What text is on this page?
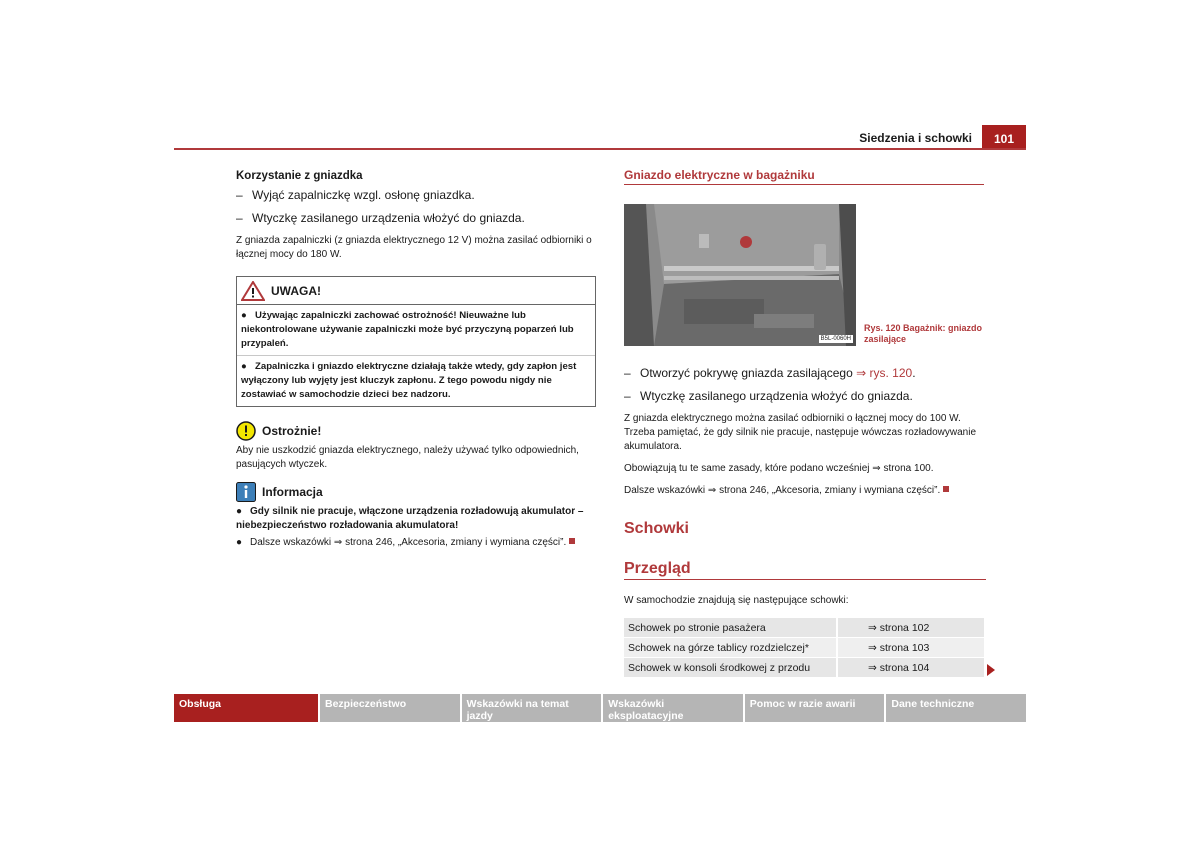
Siedzenia i schowki	101
Korzystanie z gniazdka
– Wyjąć zapalniczkę wzgl. osłonę gniazdka.
– Wtyczkę zasilanego urządzenia włożyć do gniazda.

Z gniazda zapalniczki (z gniazda elektrycznego 12 V) można zasilać odbiorniki o łącznej mocy do 180 W.

UWAGA!
● Używając zapalniczki zachować ostrożność! Nieuważne lub niekontrolowane używanie zapalniczki może być przyczyną poparzeń lub przypaleń.
● Zapalniczka i gniazdo elektryczne działają także wtedy, gdy zapłon jest wyłączony lub wyjęty jest kluczyk zapłonu. Z tego powodu nigdy nie zostawiać w samochodzie dzieci bez nadzoru.
Ostrożnie!

Aby nie uszkodzić gniazda elektrycznego, należy używać tylko odpowiednich, pasujących wtyczek.

Informacja
● Gdy silnik nie pracuje, włączone urządzenia rozładowują akumulator – niebezpieczeństwo rozładowania akumulatora!
● Dalsze wskazówki ⇒ strona 246, „Akcesoria, zmiany i wymiana części”.
Gniazdo elektryczne w bagażniku
B5L-0060H
Rys. 120 Bagażnik: gniazdo zasilające
– Otworzyć pokrywę gniazda zasilającego ⇒ rys. 120.
– Wtyczkę zasilanego urządzenia włożyć do gniazda.

Z gniazda elektrycznego można zasilać odbiorniki o łącznej mocy do 100 W. Trzeba pamiętać, że gdy silnik nie pracuje, następuje wówczas rozładowywanie akumulatora.

Obowiązują tu te same zasady, które podano wcześniej ⇒ strona 100.

Dalsze wskazówki ⇒ strona 246, „Akcesoria, zmiany i wymiana części”.

Schowki
Przegląd

W samochodzie znajdują się następujące schowki:

Schowek po stronie pasażera	⇒ strona 102
Schowek na górze tablicy rozdzielczej*	⇒ strona 103
Schowek w konsoli środkowej z przodu	⇒ strona 104
Obsługa	Bezpieczeństwo	Wskazówki na temat jazdy
Wskazówki eksploatacyjne
Pomoc w razie awarii	Dane techniczne
